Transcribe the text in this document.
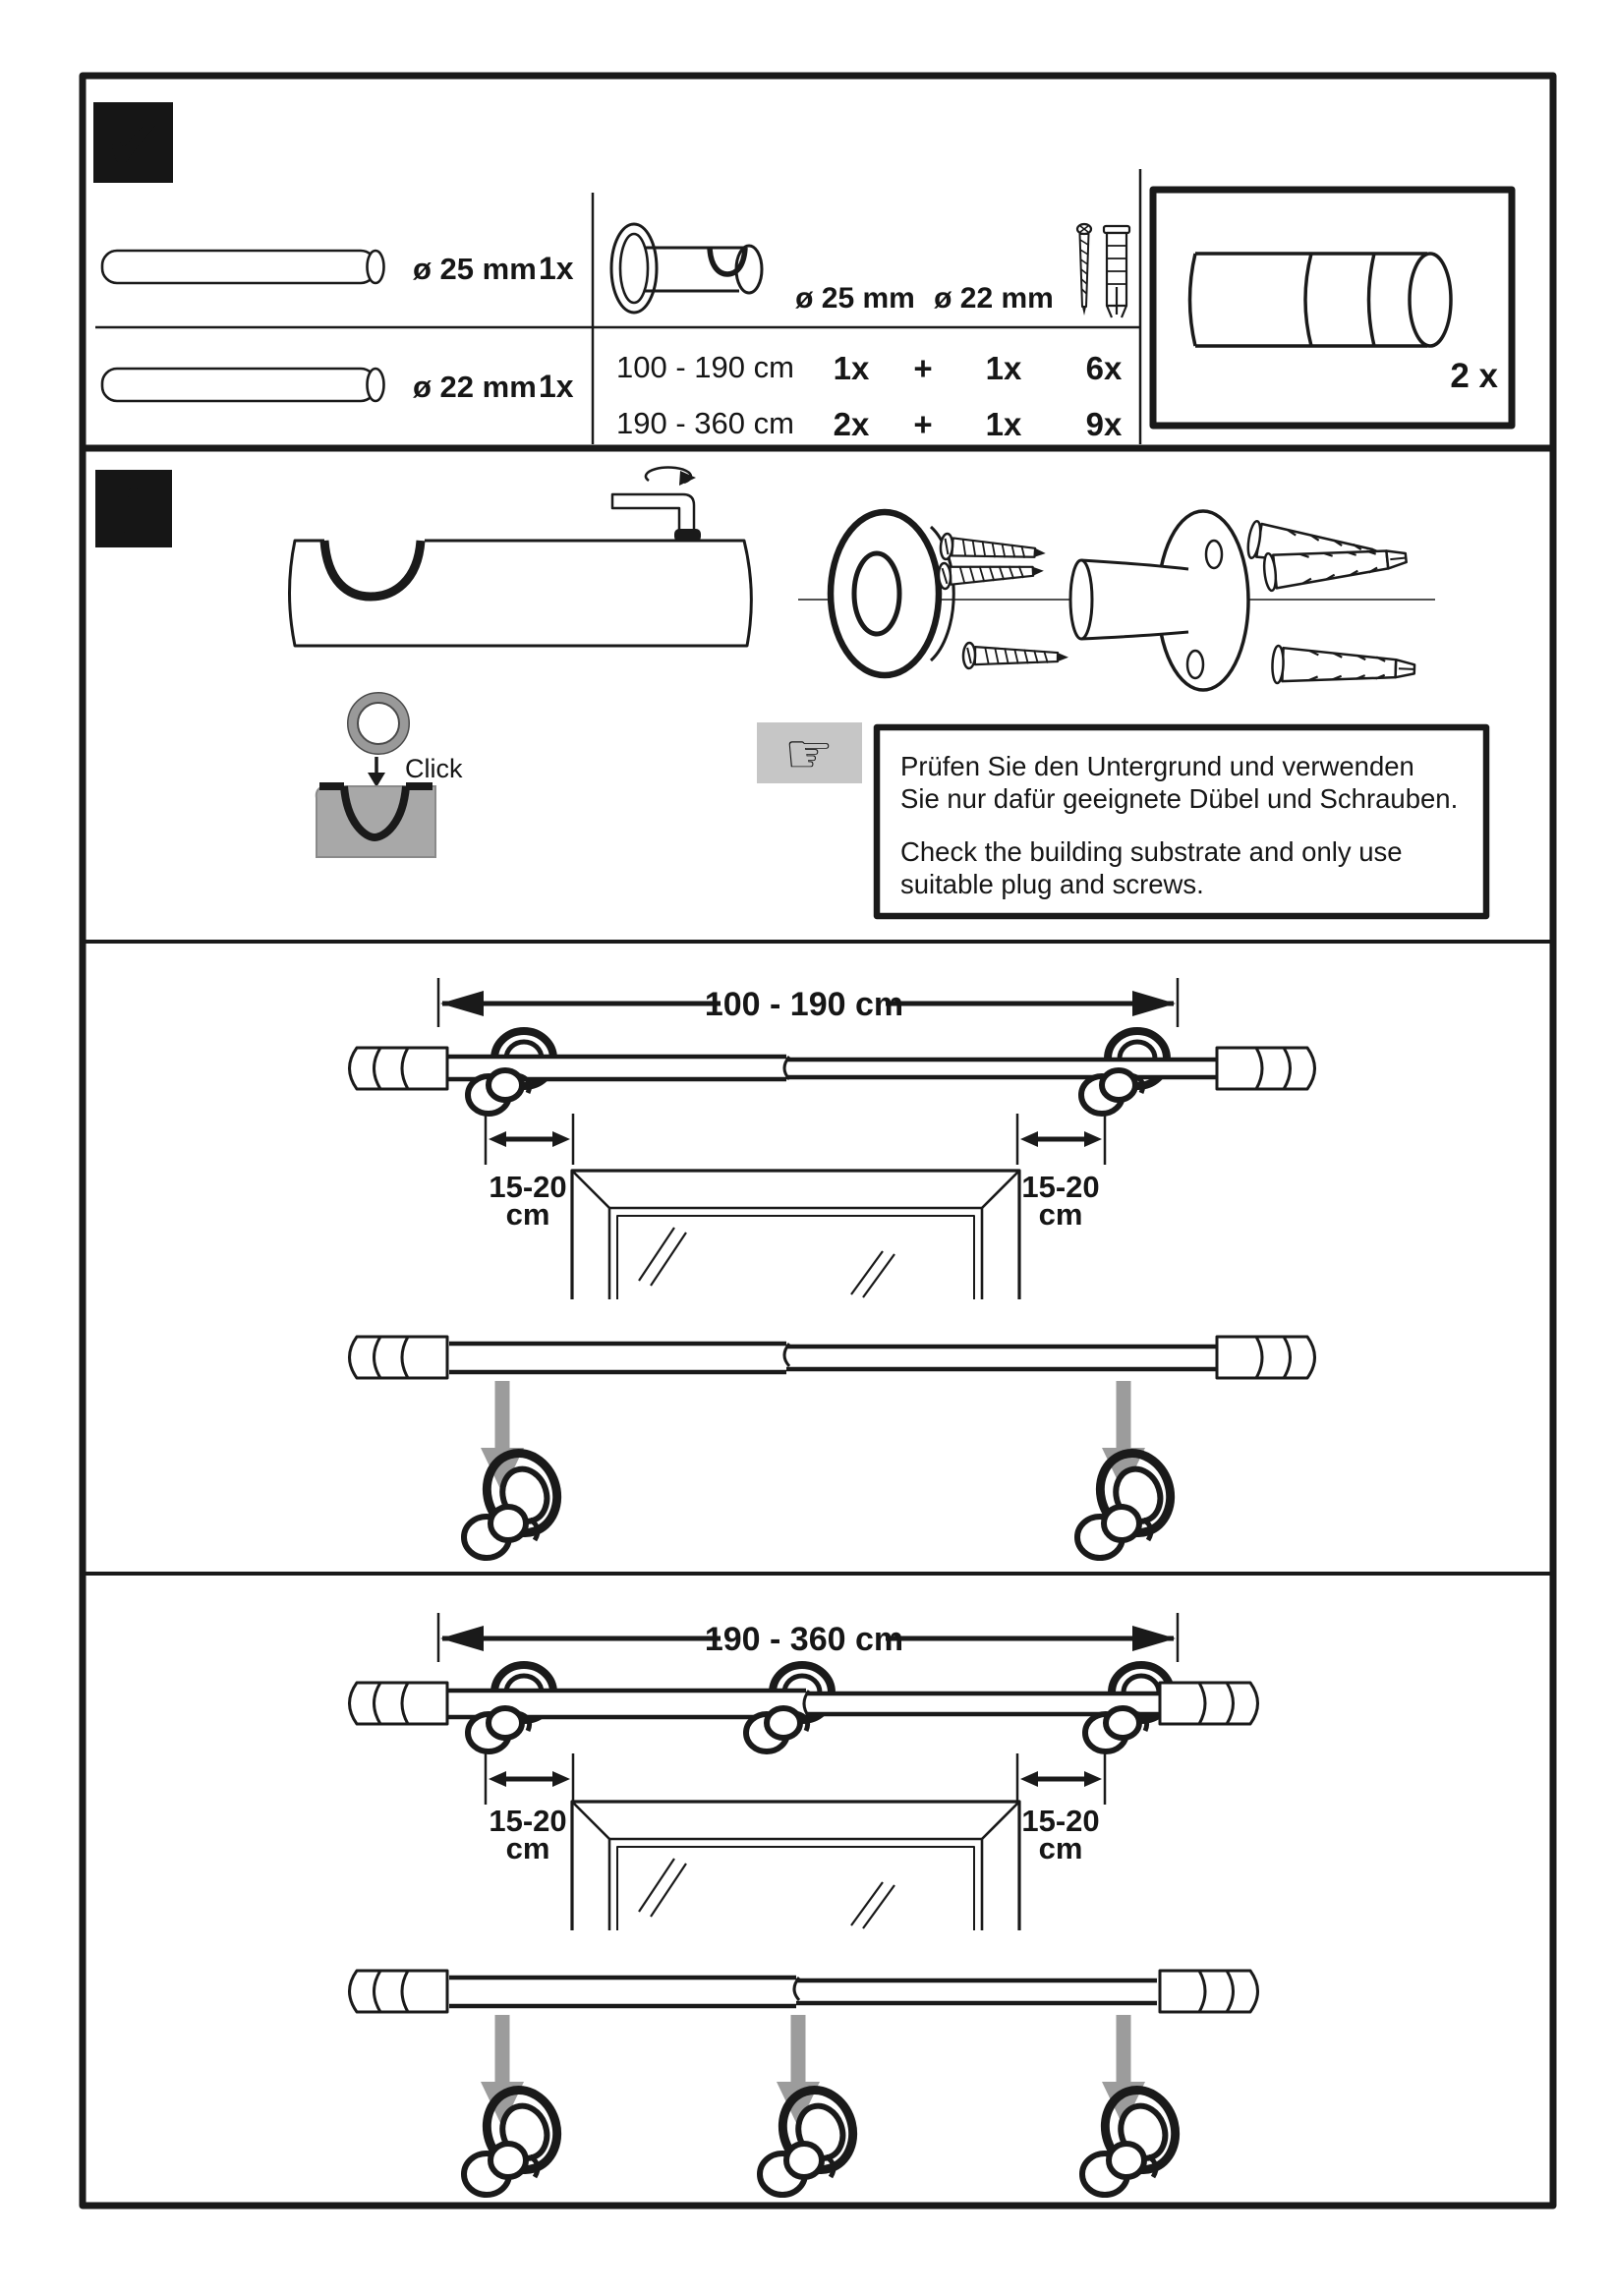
✔
ø 25 mm 1x
ø 22 mm 1x
ø 25 mm ø 22 mm
100 - 190 cm 1x + 1x 6x
190 - 360 cm 2x + 1x 9x
2 x
i
Click	☞ Prüfen Sie den Untergrund und verwenden
Sie nur dafür geeignete Dübel und Schrauben.
Check the building substrate and only use
suitable plug and screws.
100 - 190 cm
15-20
cm
15-20
cm
190 - 360 cm
15-20
cm
15-20
cm
